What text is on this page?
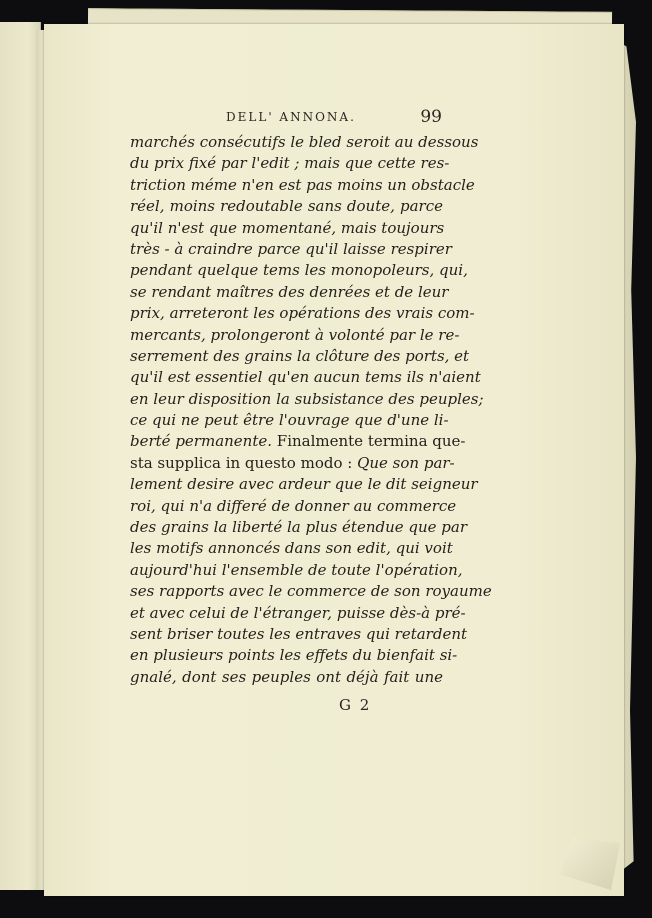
DELL' ANNONA.	99
marchés consécutifs le bled seroit au dessous
du prix fixé par l'edit ; mais que cette res-
triction méme n'en est pas moins un obstacle
réel, moins redoutable sans doute, parce
qu'il n'est que momentané, mais toujours
très - à craindre parce qu'il laisse respirer
pendant quelque tems les monopoleurs, qui,
se rendant maîtres des denrées et de leur
prix, arreteront les opérations des vrais com-
mercants, prolongeront à volonté par le re-
serrement des grains la clôture des ports, et
qu'il est essentiel qu'en aucun tems ils n'aient
en leur disposition la subsistance des peuples;
ce qui ne peut être l'ouvrage que d'une li-
berté permanente. Finalmente termina que-
sta supplica in questo modo : Que son par-
lement desire avec ardeur que le dit seigneur
roi, qui n'a differé de donner au commerce
des grains la liberté la plus étendue que par
les motifs annoncés dans son edit, qui voit
aujourd'hui l'ensemble de toute l'opération,
ses rapports avec le commerce de son royaume
et avec celui de l'étranger, puisse dès-à pré-
sent briser toutes les entraves qui retardent
en plusieurs points les effets du bienfait si-
gnalé, dont ses peuples ont déjà fait une
G 2
